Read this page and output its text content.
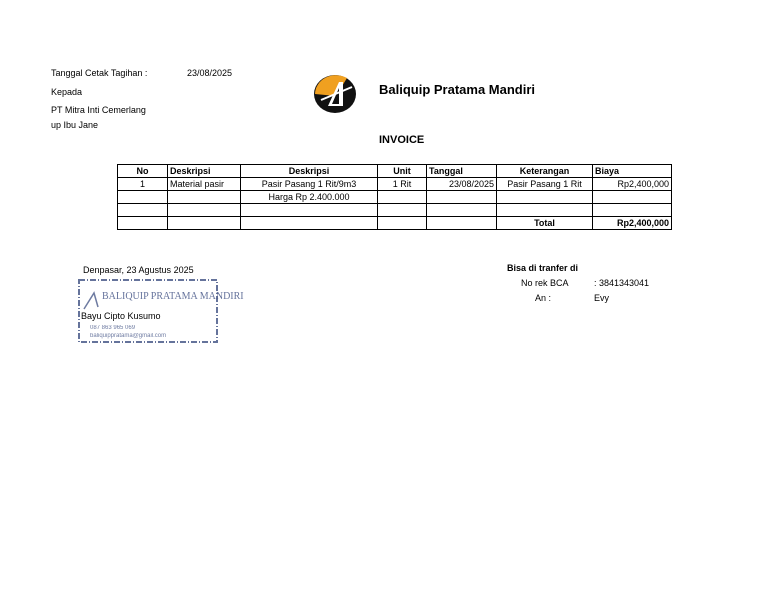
Tanggal Cetak Tagihan :	23/08/2025
Kepada
PT Mitra Inti Cemerlang
up Ibu Jane
Baliquip Pratama Mandiri
INVOICE
No	Deskripsi	Deskripsi	Unit	Tanggal	Keterangan	Biaya
1	Material pasir	Pasir Pasang 1 Rit/9m3	1 Rit	23/08/2025	Pasir Pasang 1 Rit	Rp2,400,000
		Harga Rp 2.400.000				

					Total	Rp2,400,000
Denpasar, 23 Agustus 2025
BALIQUIP PRATAMA MANDIRI
087 863 965 069
baliquippratama@gmail.com
Bayu Cipto Kusumo
Bisa di tranfer di
No rek BCA	: 3841343041
An :	Evy
